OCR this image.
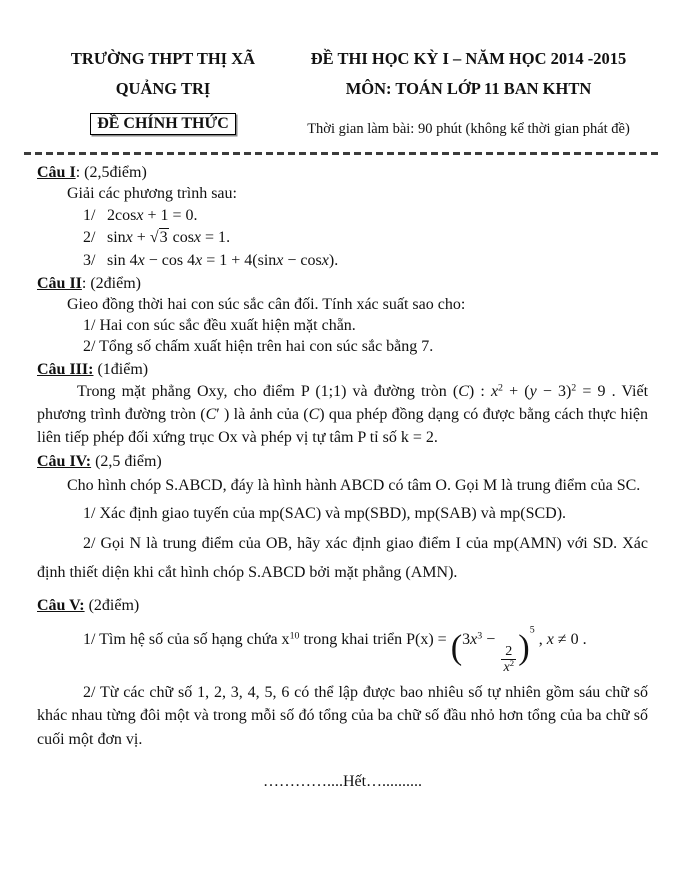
TRƯỜNG THPT THỊ XÃ
QUẢNG TRỊ
ĐỀ CHÍNH THỨC
ĐỀ THI HỌC KỲ I – NĂM HỌC 2014 -2015
MÔN: TOÁN LỚP 11 BAN KHTN
Thời gian làm bài: 90 phút (không kể thời gian phát đề)
Câu I: (2,5điểm)
Giải các phương trình sau:
1/ 2cosx + 1 = 0.
2/ sinx + √ 3 cosx = 1.
3/ sin 4x − cos 4x = 1 + 4(sinx − cosx).
Câu II: (2điểm)
Gieo đồng thời hai con súc sắc cân đối. Tính xác suất sao cho:
1/ Hai con súc sắc đều xuất hiện mặt chẵn.
2/ Tổng số chấm xuất hiện trên hai con súc sắc bằng 7.
Câu III: (1điểm)
Trong mặt phẳng Oxy, cho điểm P (1;1) và đường tròn (C) : $x^2 + (y - 3)^2 = 9$ . Viết phương trình đường tròn (C′ ) là ảnh của (C) qua phép đồng dạng có được bằng cách thực hiện liên tiếp phép đối xứng trục Ox và phép vị tự tâm P tỉ số k = 2.
Câu IV: (2,5 điểm)
Cho hình chóp S.ABCD, đáy là hình hành ABCD có tâm O. Gọi M là trung điểm của SC.
1/ Xác định giao tuyến của mp(SAC) và mp(SBD), mp(SAB) và mp(SCD).
2/ Gọi N là trung điểm của OB, hãy xác định giao điểm I của mp(AMN) với SD. Xác định thiết diện khi cắt hình chóp S.ABCD bởi mặt phẳng (AMN).
Câu V: (2điểm)
1/ Tìm hệ số của số hạng chứa $x^{10}$ trong khai triển $P(x) = (3x^3$ −
$\frac{2}{x^2} )^5$ , x ≠ 0 .
2/ Từ các chữ số 1, 2, 3, 4, 5, 6 có thể lập được bao nhiêu số tự nhiên gồm sáu chữ số khác nhau từng đôi một và trong mỗi số đó tổng của ba chữ số đầu nhỏ hơn tổng của ba chữ số cuối một đơn vị.
…………....Hết…..........
